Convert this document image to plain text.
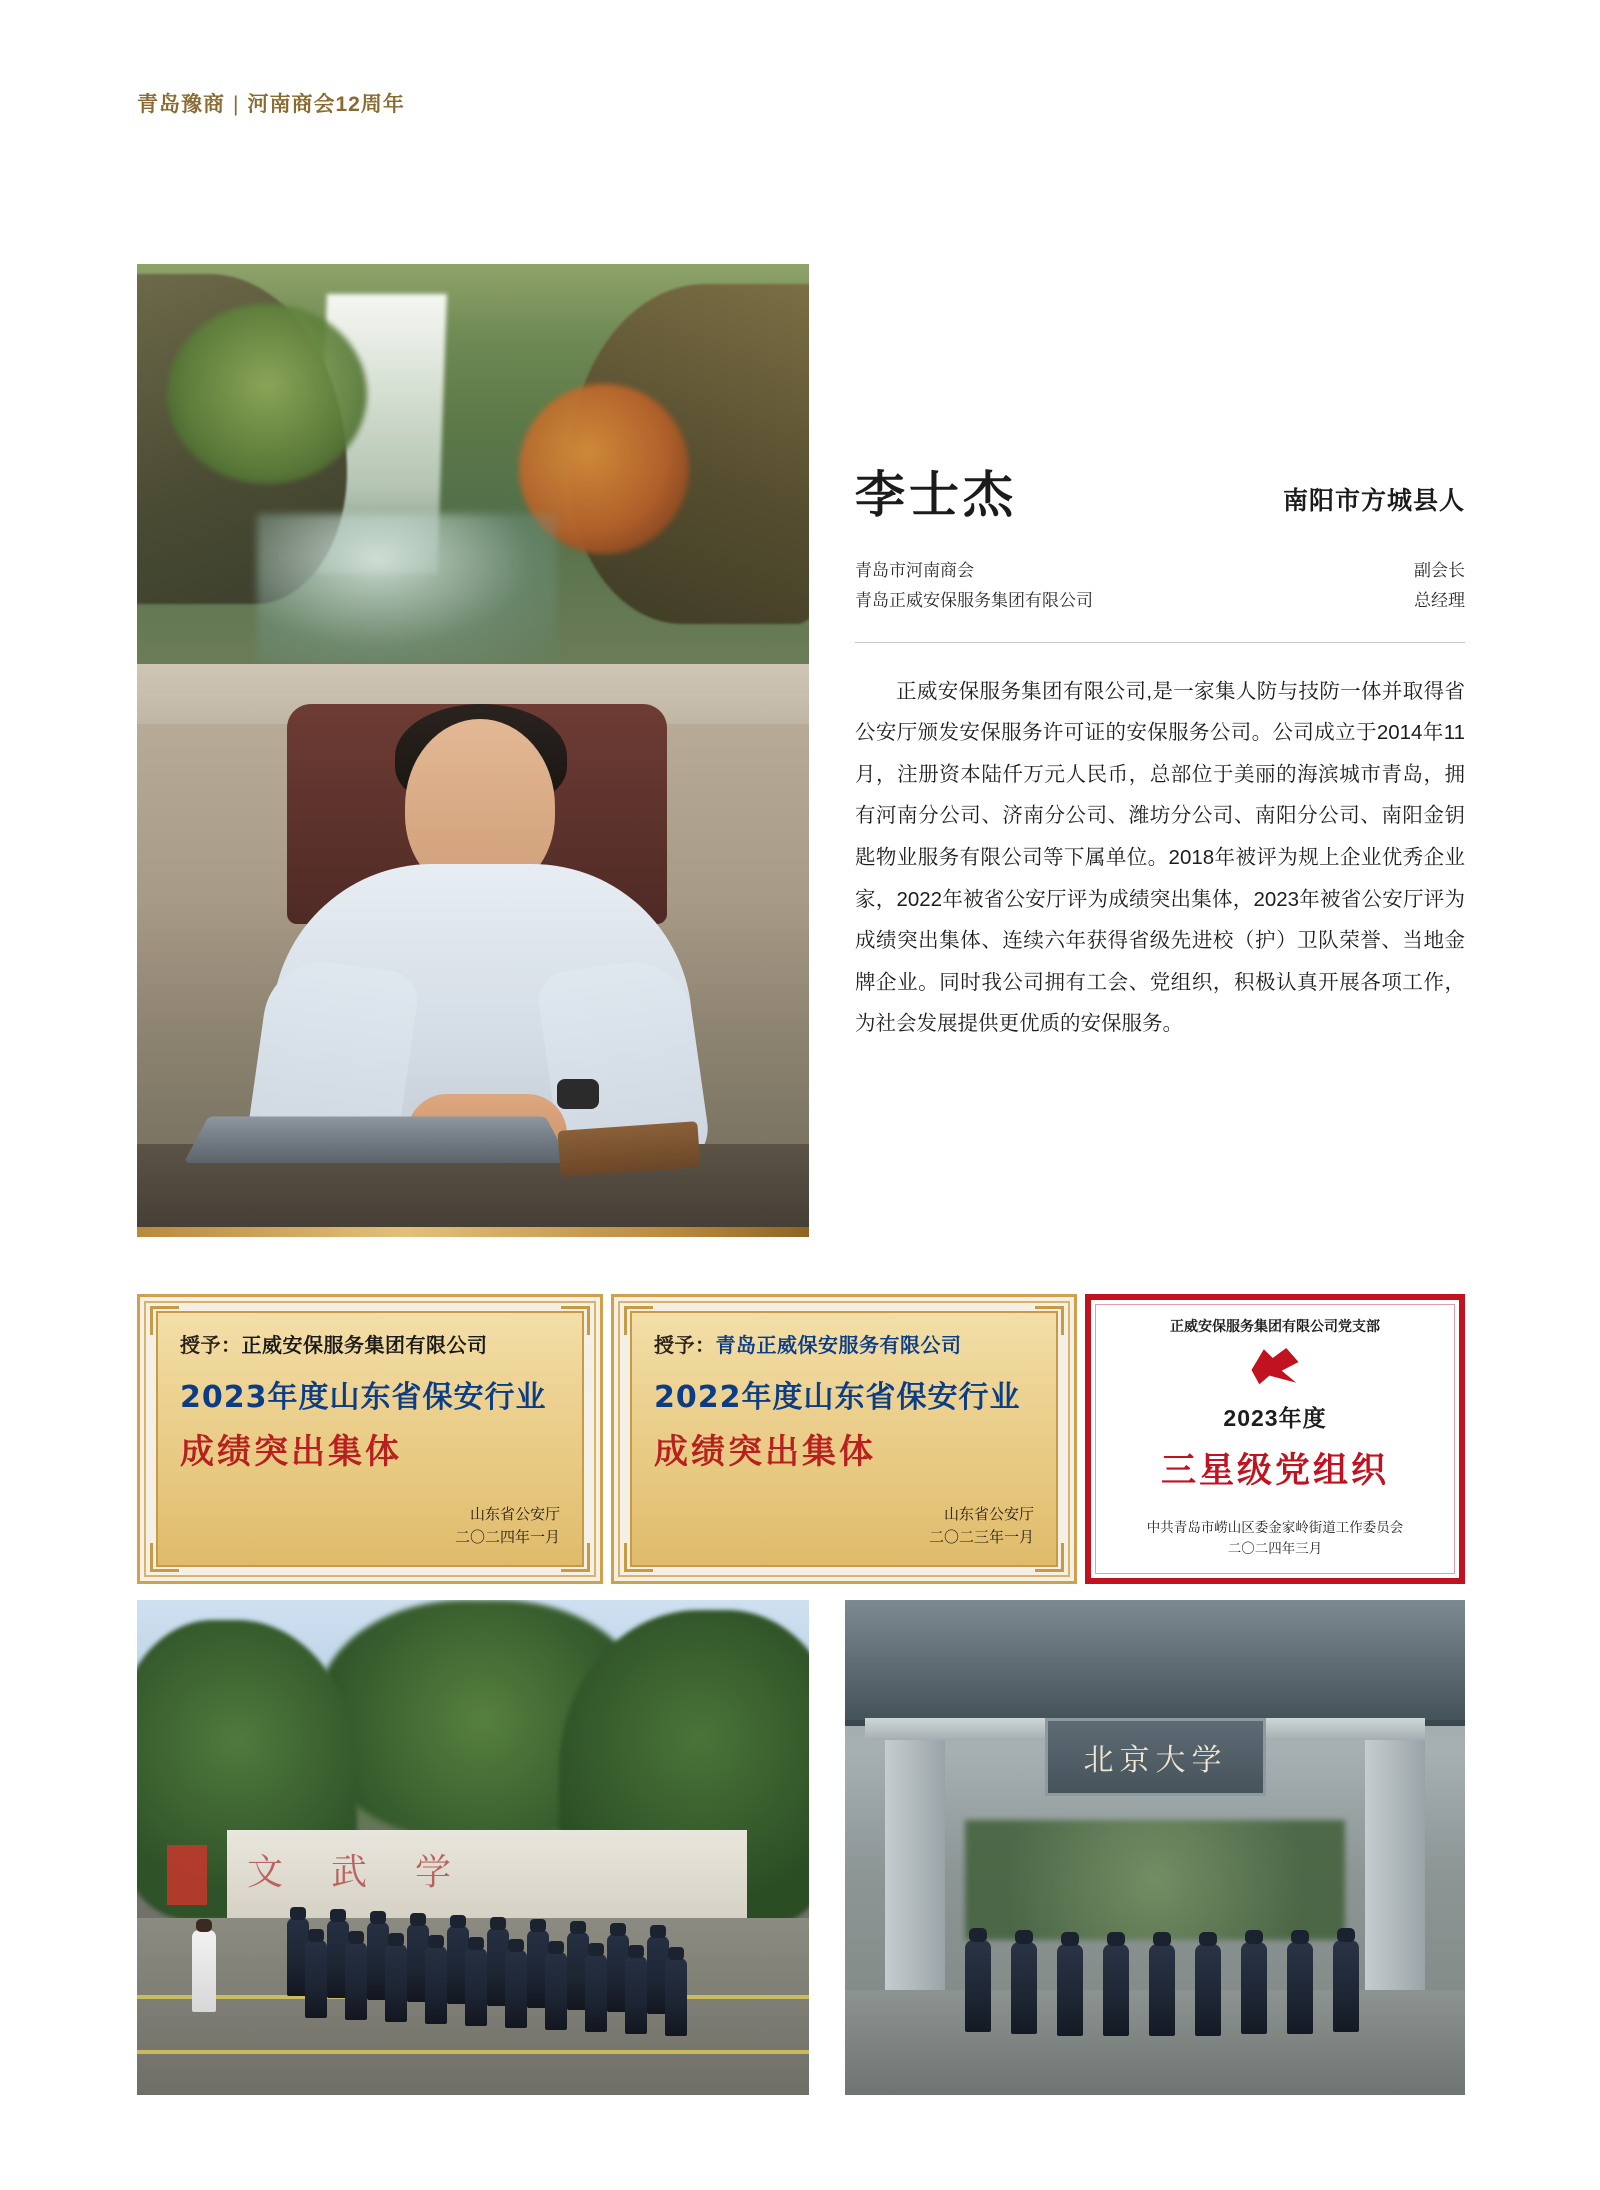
青岛豫商 | 河南商会12周年
李士杰	南阳市方城县人
青岛市河南商会	副会长
青岛正威安保服务集团有限公司	总经理
正威安保服务集团有限公司,是一家集人防与技防一体并取得省公安厅颁发安保服务许可证的安保服务公司。公司成立于2014年11月，注册资本陆仟万元人民币，总部位于美丽的海滨城市青岛，拥有河南分公司、济南分公司、潍坊分公司、南阳分公司、南阳金钥匙物业服务有限公司等下属单位。2018年被评为规上企业优秀企业家，2022年被省公安厅评为成绩突出集体，2023年被省公安厅评为成绩突出集体、连续六年获得省级先进校（护）卫队荣誉、当地金牌企业。同时我公司拥有工会、党组织，积极认真开展各项工作，为社会发展提供更优质的安保服务。
授予：正威安保服务集团有限公司
2023年度山东省保安行业
成绩突出集体
山东省公安厅
二〇二四年一月
授予：青岛正威保安服务有限公司
2022年度山东省保安行业
成绩突出集体
山东省公安厅
二〇二三年一月
正威安保服务集团有限公司党支部
2023年度
三星级党组织
中共青岛市崂山区委金家岭街道工作委员会
二〇二四年三月
文武学
北京大学
